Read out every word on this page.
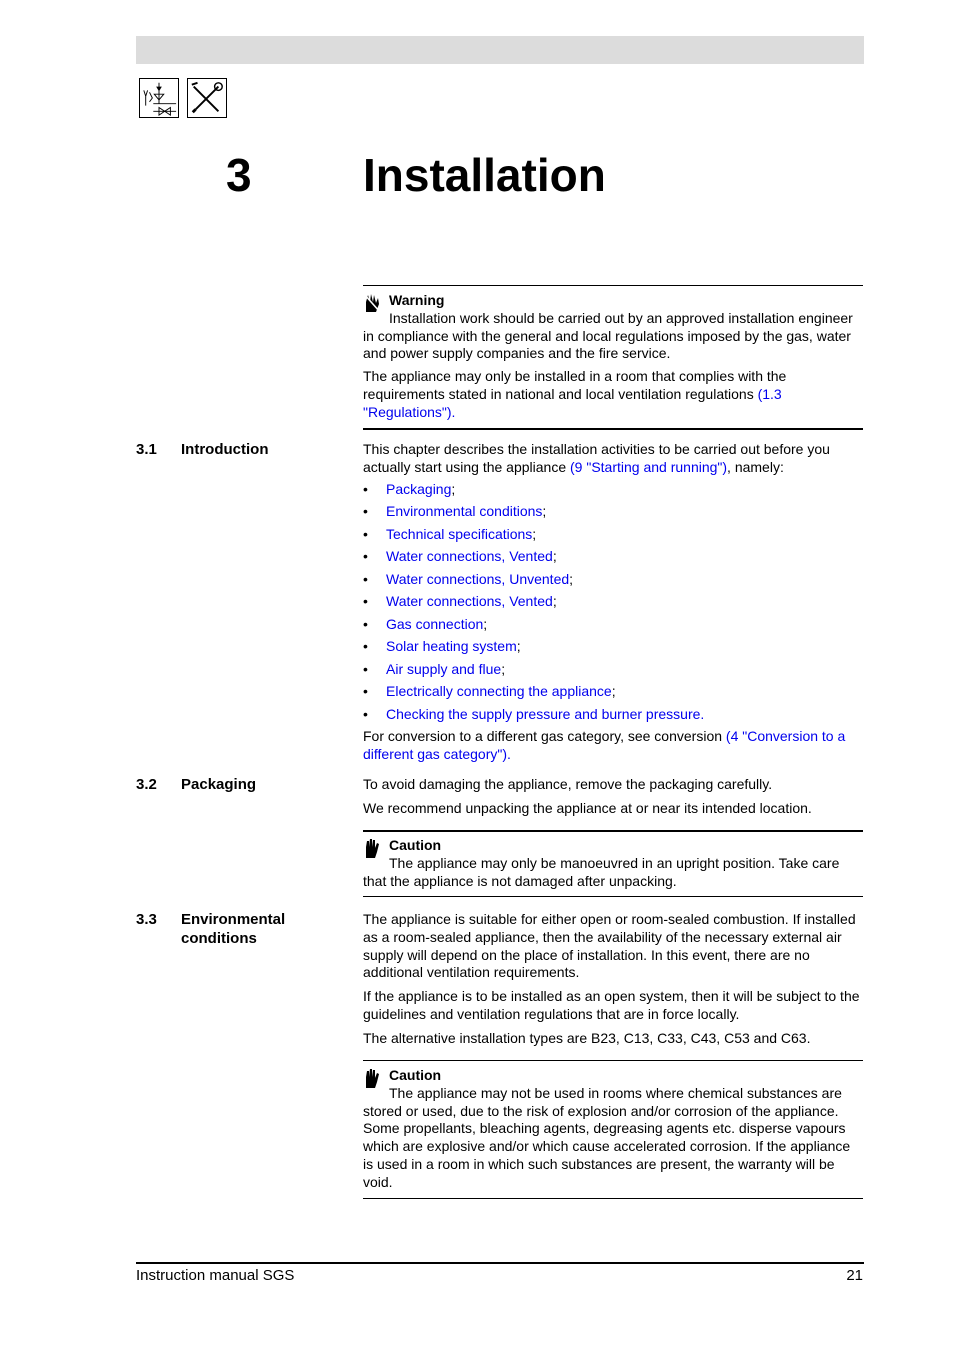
3 Installation
Warning

Installation work should be carried out by an approved installation engineer

in compliance with the general and local regulations imposed by the gas, water and power supply companies and the fire service.

The appliance may only be installed in a room that complies with the requirements stated in national and local ventilation regulations (1.3 "Regulations").

3.1 Introduction	This chapter describes the installation activities to be carried out before you actually start using the appliance (9 "Starting and running"), namely:

• Packaging;
• Environmental conditions;
• Technical specifications;
• Water connections, Vented;
• Water connections, Unvented;
• Water connections, Vented;
• Gas connection;
• Solar heating system;
• Air supply and flue;
• Electrically connecting the appliance;
• Checking the supply pressure and burner pressure.

For conversion to a different gas category, see conversion (4 "Conversion to a different gas category").

3.2 Packaging	To avoid damaging the appliance, remove the packaging carefully.

We recommend unpacking the appliance at or near its intended location.

Caution

The appliance may only be manoeuvred in an upright position. Take care

that the appliance is not damaged after unpacking.

3.3 Environmental
conditions

The appliance is suitable for either open or room-sealed combustion. If installed as a room-sealed appliance, then the availability of the necessary external air supply will depend on the place of installation. In this event, there are no additional ventilation requirements.

If the appliance is to be installed as an open system, then it will be subject to the guidelines and ventilation regulations that are in force locally.

The alternative installation types are B23, C13, C33, C43, C53 and C63.

Caution

The appliance may not be used in rooms where chemical substances are

stored or used, due to the risk of explosion and/or corrosion of the appliance. Some propellants, bleaching agents, degreasing agents etc. disperse vapours which are explosive and/or which cause accelerated corrosion. If the appliance is used in a room in which such substances are present, the warranty will be void.

Instruction manual SGS	21
